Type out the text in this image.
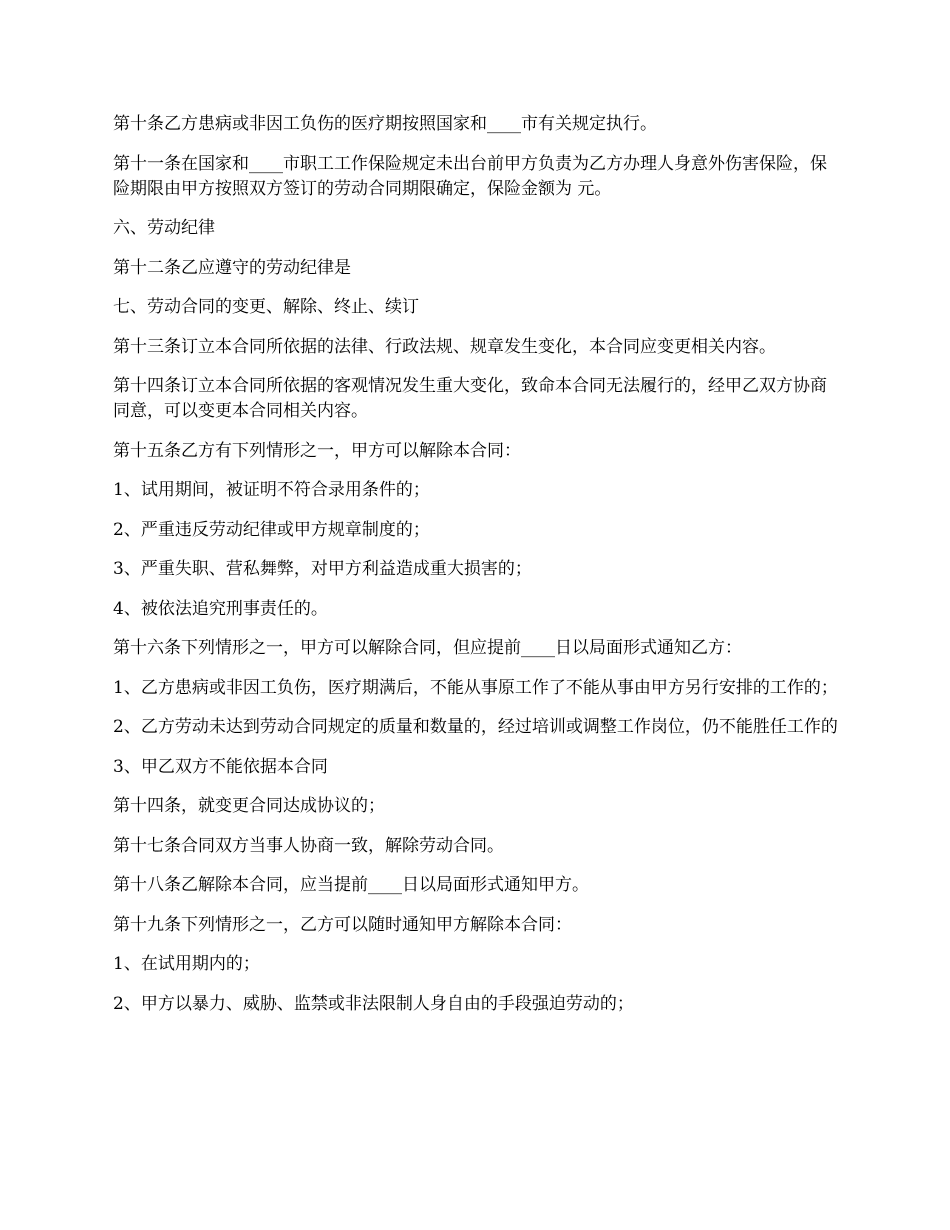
第十条乙方患病或非因工负伤的医疗期按照国家和____市有关规定执行。

第十一条在国家和____市职工工作保险规定未出台前甲方负责为乙方办理人身意外伤害保险，保险期限由甲方按照双方签订的劳动合同期限确定，保险金额为 元。

六、劳动纪律

第十二条乙应遵守的劳动纪律是

七、劳动合同的变更、解除、终止、续订

第十三条订立本合同所依据的法律、行政法规、规章发生变化，本合同应变更相关内容。

第十四条订立本合同所依据的客观情况发生重大变化，致命本合同无法履行的，经甲乙双方协商同意，可以变更本合同相关内容。

第十五条乙方有下列情形之一，甲方可以解除本合同：

1、试用期间，被证明不符合录用条件的；

2、严重违反劳动纪律或甲方规章制度的；

3、严重失职、营私舞弊，对甲方利益造成重大损害的；

4、被依法追究刑事责任的。

第十六条下列情形之一，甲方可以解除合同，但应提前____日以局面形式通知乙方：

1、乙方患病或非因工负伤，医疗期满后，不能从事原工作了不能从事由甲方另行安排的工作的；

2、乙方劳动未达到劳动合同规定的质量和数量的，经过培训或调整工作岗位，仍不能胜任工作的

3、甲乙双方不能依据本合同

第十四条，就变更合同达成协议的；

第十七条合同双方当事人协商一致，解除劳动合同。

第十八条乙解除本合同，应当提前____日以局面形式通知甲方。

第十九条下列情形之一，乙方可以随时通知甲方解除本合同：

1、在试用期内的；

2、甲方以暴力、威胁、监禁或非法限制人身自由的手段强迫劳动的；
